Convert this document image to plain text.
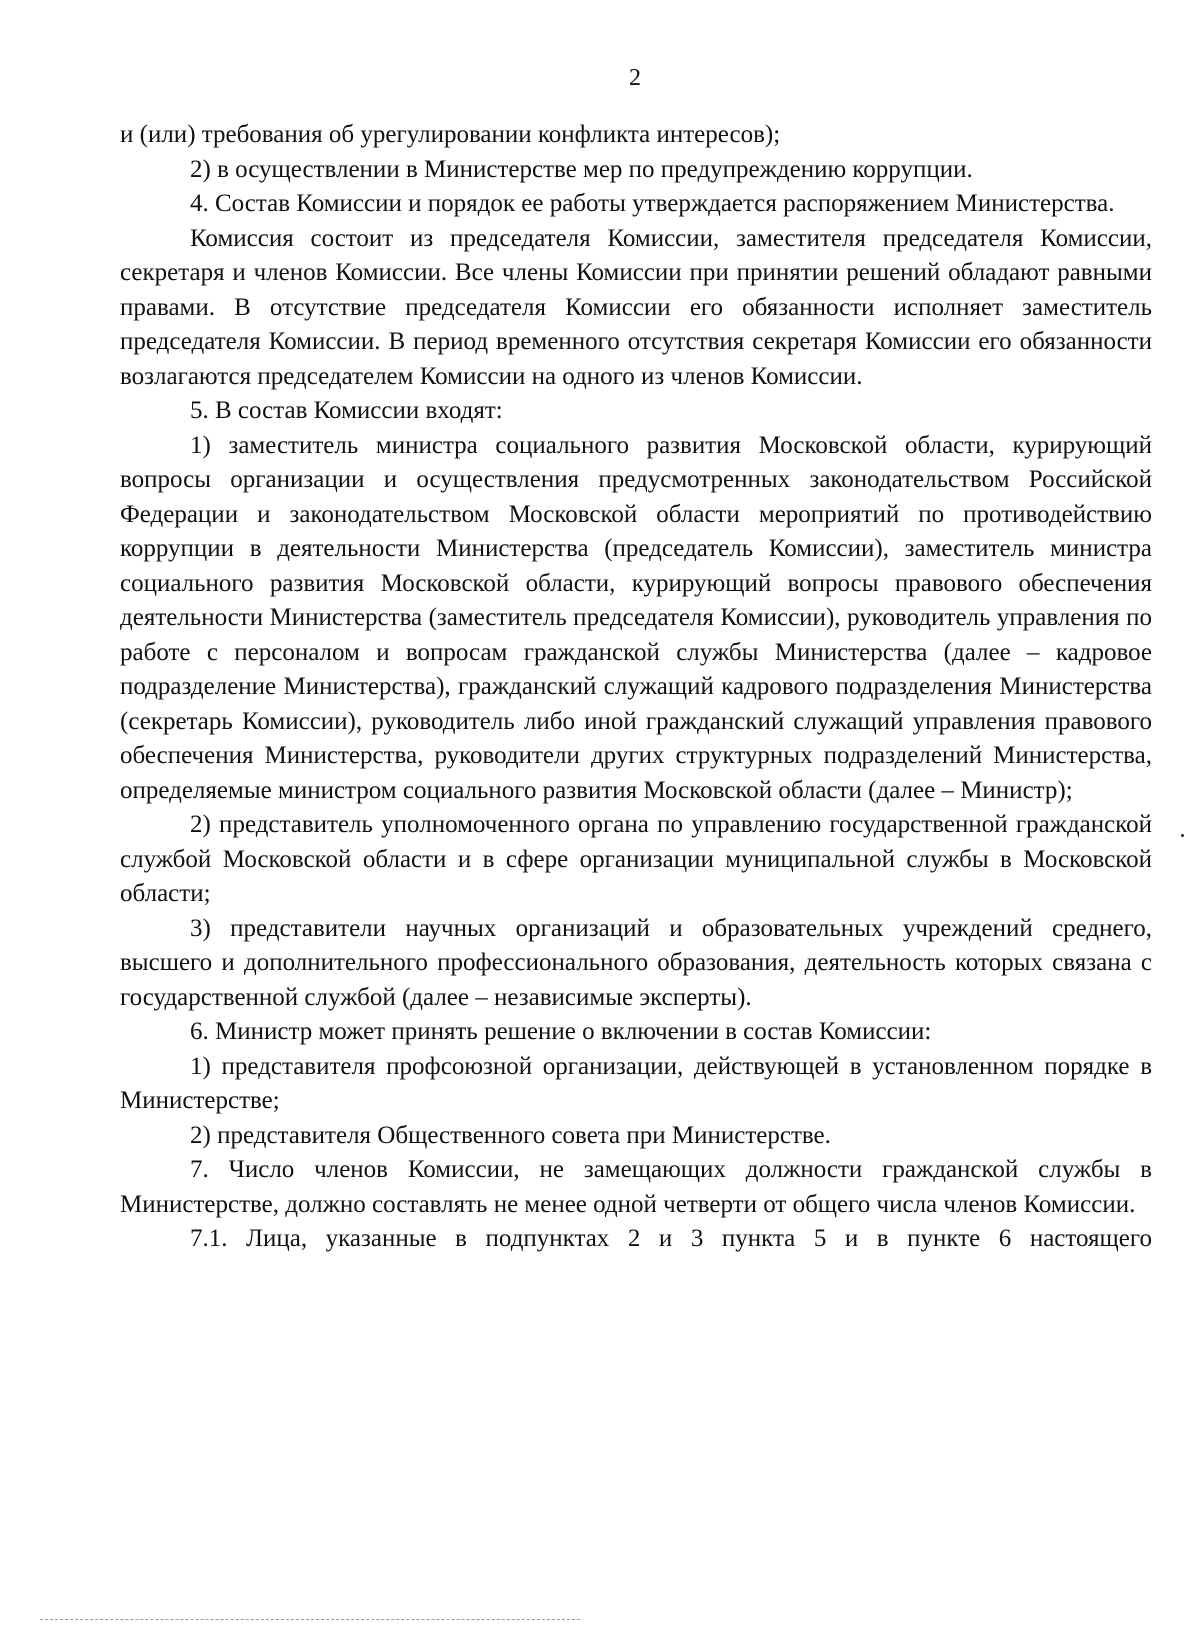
2

и (или) требования об урегулировании конфликта интересов);

2) в осуществлении в Министерстве мер по предупреждению коррупции.

4. Состав Комиссии и порядок ее работы утверждается распоряжением Министерства.

Комиссия состоит из председателя Комиссии, заместителя председателя Комиссии, секретаря и членов Комиссии. Все члены Комиссии при принятии решений обладают равными правами. В отсутствие председателя Комиссии его обязанности исполняет заместитель председателя Комиссии. В период временного отсутствия секретаря Комиссии его обязанности возлагаются председателем Комиссии на одного из членов Комиссии.

5. В состав Комиссии входят:

1) заместитель министра социального развития Московской области, курирующий вопросы организации и осуществления предусмотренных законодательством Российской Федерации и законодательством Московской области мероприятий по противодействию коррупции в деятельности Министерства (председатель Комиссии), заместитель министра социального развития Московской области, курирующий вопросы правового обеспечения деятельности Министерства (заместитель председателя Комиссии), руководитель управления по работе с персоналом и вопросам гражданской службы Министерства (далее – кадровое подразделение Министерства), гражданский служащий кадрового подразделения Министерства (секретарь Комиссии), руководитель либо иной гражданский служащий управления правового обеспечения Министерства, руководители других структурных подразделений Министерства, определяемые министром социального развития Московской области (далее – Министр);

2) представитель уполномоченного органа по управлению государственной гражданской службой Московской области и в сфере организации муниципальной службы в Московской области;

3) представители научных организаций и образовательных учреждений среднего, высшего и дополнительного профессионального образования, деятельность которых связана с государственной службой (далее – независимые эксперты).

6. Министр может принять решение о включении в состав Комиссии:

1) представителя профсоюзной организации, действующей в установленном порядке в Министерстве;

2) представителя Общественного совета при Министерстве.

7. Число членов Комиссии, не замещающих должности гражданской службы в Министерстве, должно составлять не менее одной четверти от общего числа членов Комиссии.

7.1. Лица, указанные в подпунктах 2 и 3 пункта 5 и в пункте 6 настоящего
